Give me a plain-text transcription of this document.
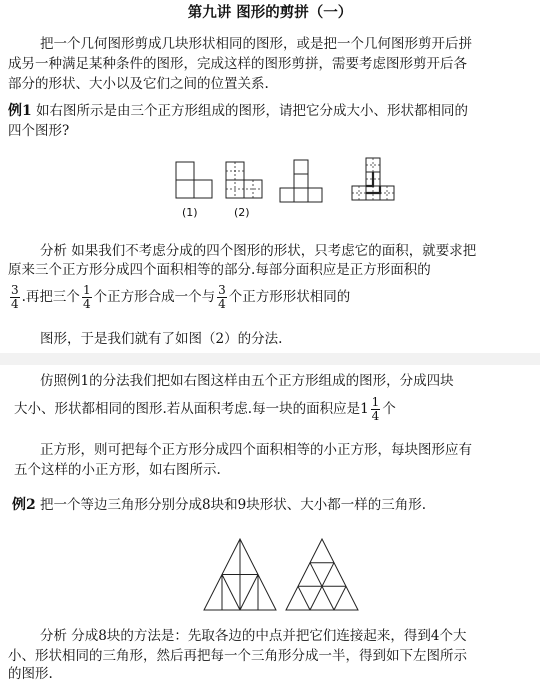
第九讲 图形的剪拼（一）
把一个几何图形剪成几块形状相同的图形，或是把一个几何图形剪开后拼
成另一种满足某种条件的图形，完成这样的图形剪拼，需要考虑图形剪开后各
部分的形状、大小以及它们之间的位置关系.
例1 如右图所示是由三个正方形组成的图形，请把它分成大小、形状都相同的
四个图形?
(1)	(2)
分析 如果我们不考虑分成的四个图形的形状，只考虑它的面积，就要求把
原来三个正方形分成四个面积相等的部分.每部分面积应是正方形面积的
$\frac{3}{4}$ .再把三个 $\frac{1}{4}$ 个正方形合成一个与 $\frac{3}{4}$ 个正方形形状相同的
图形，于是我们就有了如图（2）的分法.
仿照例1的分法我们把如右图这样由五个正方形组成的图形，分成四块
大小、形状都相同的图形.若从面积考虑.每一块的面积应是$1 \frac{1}{4}$ 个
正方形，则可把每个正方形分成四个面积相等的小正方形，每块图形应有
五个这样的小正方形，如右图所示.
例2 把一个等边三角形分别分成8块和9块形状、大小都一样的三角形.
分析 分成8块的方法是：先取各边的中点并把它们连接起来，得到4个大
小、形状相同的三角形，然后再把每一个三角形分成一半，得到如下左图所示
的图形.
